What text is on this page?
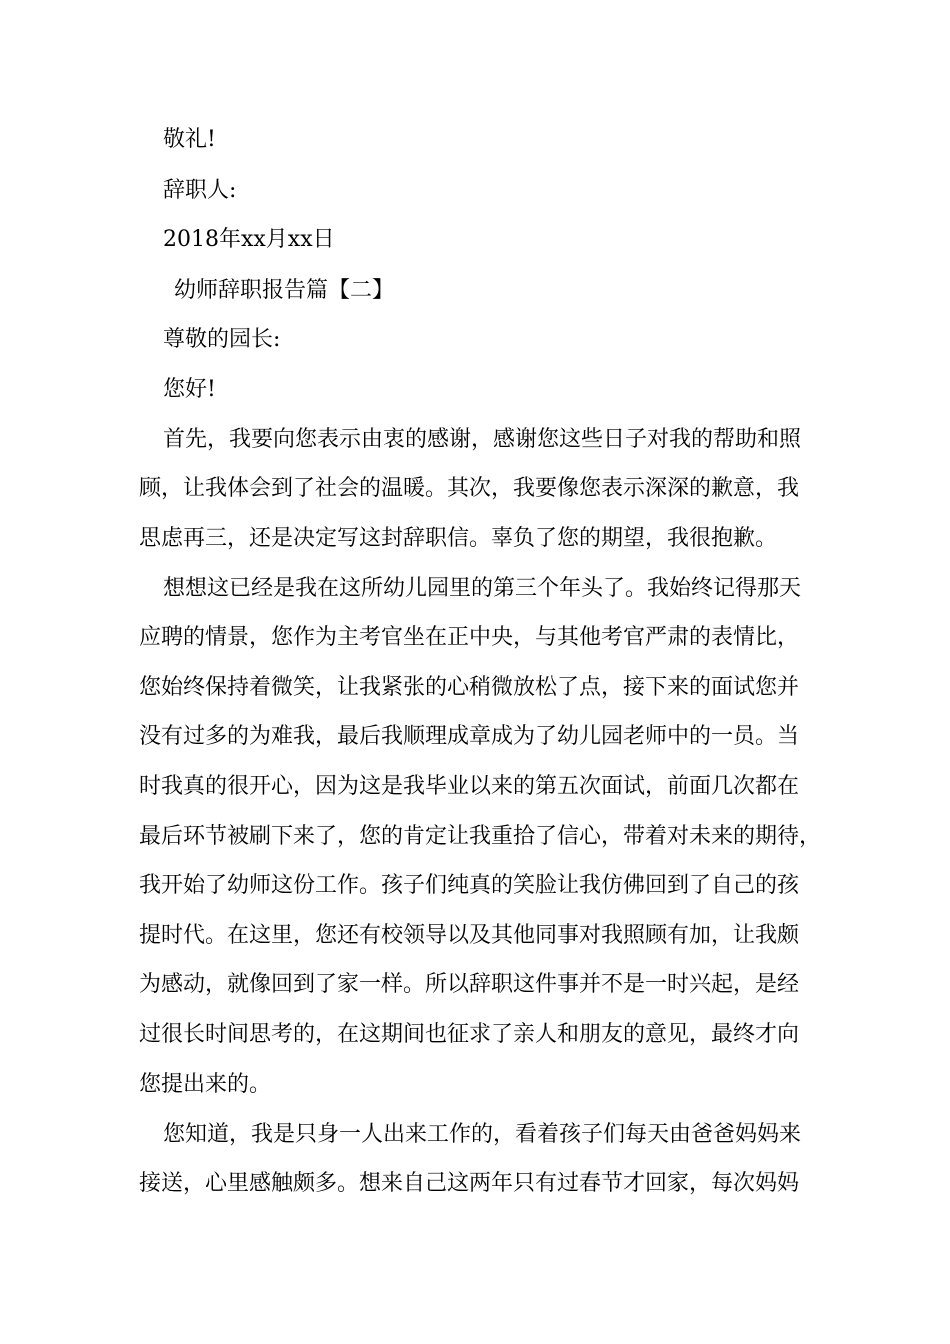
敬礼!
辞职人:
2018年xx月xx日
幼师辞职报告篇【二】
尊敬的园长:
您好!
首先，我要向您表示由衷的感谢，感谢您这些日子对我的帮助和照
顾，让我体会到了社会的温暖。其次，我要像您表示深深的歉意，我
思虑再三，还是决定写这封辞职信。辜负了您的期望，我很抱歉。
想想这已经是我在这所幼儿园里的第三个年头了。我始终记得那天
应聘的情景，您作为主考官坐在正中央，与其他考官严肃的表情比，
您始终保持着微笑，让我紧张的心稍微放松了点，接下来的面试您并
没有过多的为难我，最后我顺理成章成为了幼儿园老师中的一员。当
时我真的很开心，因为这是我毕业以来的第五次面试，前面几次都在
最后环节被刷下来了，您的肯定让我重拾了信心，带着对未来的期待，
我开始了幼师这份工作。孩子们纯真的笑脸让我仿佛回到了自己的孩
提时代。在这里，您还有校领导以及其他同事对我照顾有加，让我颇
为感动，就像回到了家一样。所以辞职这件事并不是一时兴起，是经
过很长时间思考的，在这期间也征求了亲人和朋友的意见，最终才向
您提出来的。
您知道，我是只身一人出来工作的，看着孩子们每天由爸爸妈妈来
接送，心里感触颇多。想来自己这两年只有过春节才回家，每次妈妈
